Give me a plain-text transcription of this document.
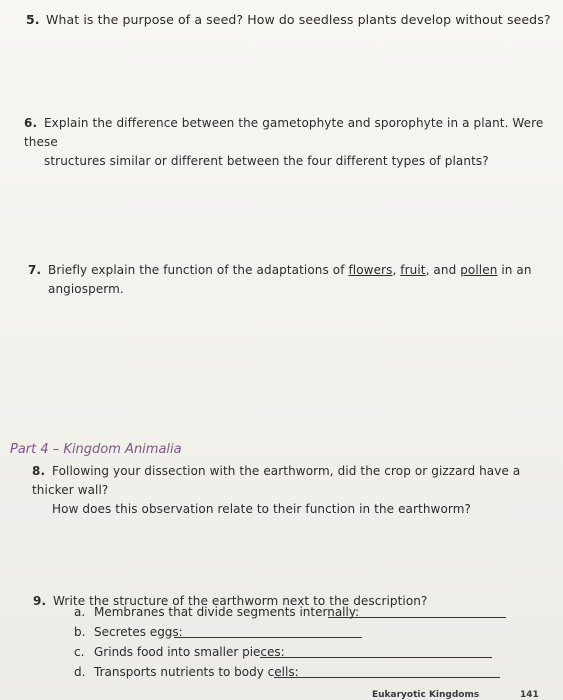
5. What is the purpose of a seed? How do seedless plants develop without seeds?
6. Explain the difference between the gametophyte and sporophyte in a plant. Were these
structures similar or different between the four different types of plants?
7. Briefly explain the function of the adaptations of flowers, fruit, and pollen in an
angiosperm.
Part 4 – Kingdom Animalia
8. Following your dissection with the earthworm, did the crop or gizzard have a thicker wall?
How does this observation relate to their function in the earthworm?
9. Write the structure of the earthworm next to the description?
a. Membranes that divide segments internally:
b. Secretes eggs:
c. Grinds food into smaller pieces:
d. Transports nutrients to body cells:
Eukaryotic Kingdoms	141
